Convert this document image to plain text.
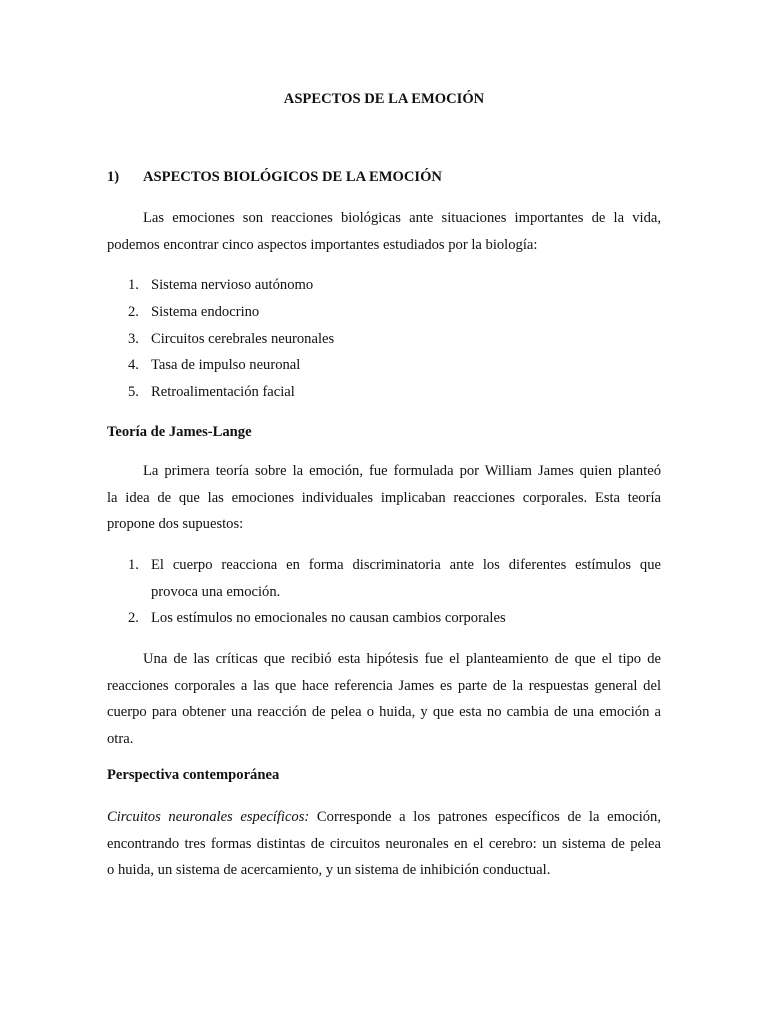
ASPECTOS DE LA EMOCIÓN
1) ASPECTOS BIOLÓGICOS DE LA EMOCIÓN
Las emociones son reacciones biológicas ante situaciones importantes de la vida,
podemos encontrar cinco aspectos importantes estudiados por la biología:
1. Sistema nervioso autónomo
2. Sistema endocrino
3. Circuitos cerebrales neuronales
4. Tasa de impulso neuronal
5. Retroalimentación facial
Teoría de James-Lange
La primera teoría sobre la emoción, fue formulada por William James quien planteó
la idea de que las emociones individuales implicaban reacciones corporales. Esta teoría
propone dos supuestos:
1. El cuerpo reacciona en forma discriminatoria ante los diferentes estímulos que
provoca una emoción.
2. Los estímulos no emocionales no causan cambios corporales
Una de las críticas que recibió esta hipótesis fue el planteamiento de que el tipo de
reacciones corporales a las que hace referencia James es parte de la respuestas general del
cuerpo para obtener una reacción de pelea o huida, y que esta no cambia de una emoción a
otra.
Perspectiva contemporánea
Circuitos neuronales específicos: Corresponde a los patrones específicos de la emoción,
encontrando tres formas distintas de circuitos neuronales en el cerebro: un sistema de pelea
o huida, un sistema de acercamiento, y un sistema de inhibición conductual.
